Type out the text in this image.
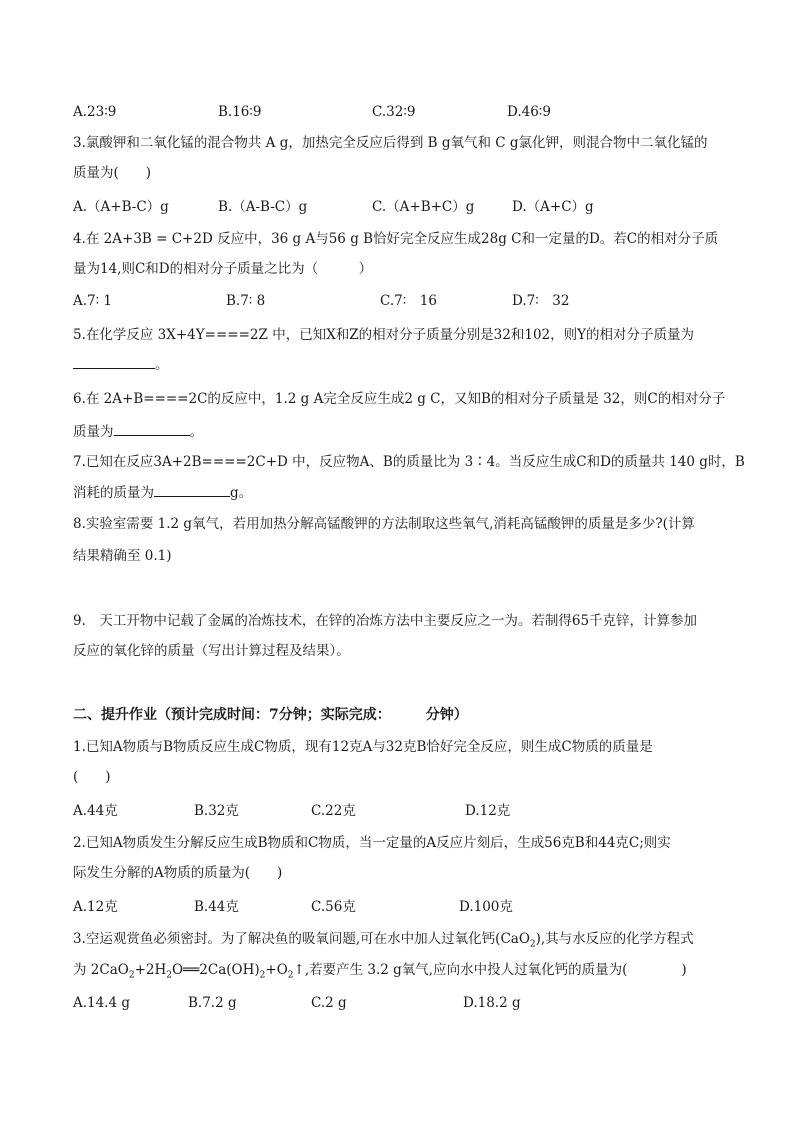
A.23∶9	B.16∶9	C.32∶9	D.46∶9
3.氯酸钾和二氧化锰的混合物共 A g，加热完全反应后得到 B g氧气和 C g氯化钾，则混合物中二氧化锰的
质量为(　　)
A.（A+B-C）g	B.（A-B-C）g	C.（A+B+C）g	D.（A+C）g
4.在 2A+3B = C+2D 反应中，36 g A与56 g B恰好完全反应生成28g C和一定量的D。若C的相对分子质
量为14,则C和D的相对分子质量之比为（　　　）
A.7∶ 1	B.7∶ 8	C.7∶　16	D.7∶　32
5.在化学反应 3X+4Y====2Z 中，已知X和Z的相对分子质量分别是32和102，则Y的相对分子质量为
。
6.在 2A+B====2C的反应中，1.2 g A完全反应生成2 g C，又知B的相对分子质量是 32，则C的相对分子
质量为	。
7.已知在反应3A+2B====2C+D 中，反应物A、B的质量比为 3∶4。当反应生成C和D的质量共 140 g时，B
消耗的质量为	g。
8.实验室需要 1.2 g氧气，若用加热分解高锰酸钾的方法制取这些氧气,消耗高锰酸钾的质量是多少?(计算
结果精确至 0.1)
9.　天工开物中记载了金属的冶炼技术，在锌的冶炼方法中主要反应之一为。若制得65千克锌，计算参加
反应的氧化锌的质量（写出计算过程及结果）。
二、提升作业（预计完成时间：7分钟；实际完成：　　　分钟）
1.已知A物质与B物质反应生成C物质，现有12克A与32克B恰好完全反应，则生成C物质的质量是
(　　)
A.44克	B.32克	C.22克	D.12克
2.已知A物质发生分解反应生成B物质和C物质，当一定量的A反应片刻后，生成56克B和44克C;则实
际发生分解的A物质的质量为(　　)
A.12克	B.44克	C.56克	D.100克
3.空运观赏鱼必须密封。为了解决鱼的吸氧问题,可在水中加人过氧化钙(CaO$_2$),其与水反应的化学方程式
为 $2CaO_2+2H_2O══2Ca(OH)_2+O_2↑$,若要产生 3.2 g氧气,应向水中投人过氧化钙的质量为(　　　　)
A.14.4 g	B.7.2 g	C.2 g	D.18.2 g
